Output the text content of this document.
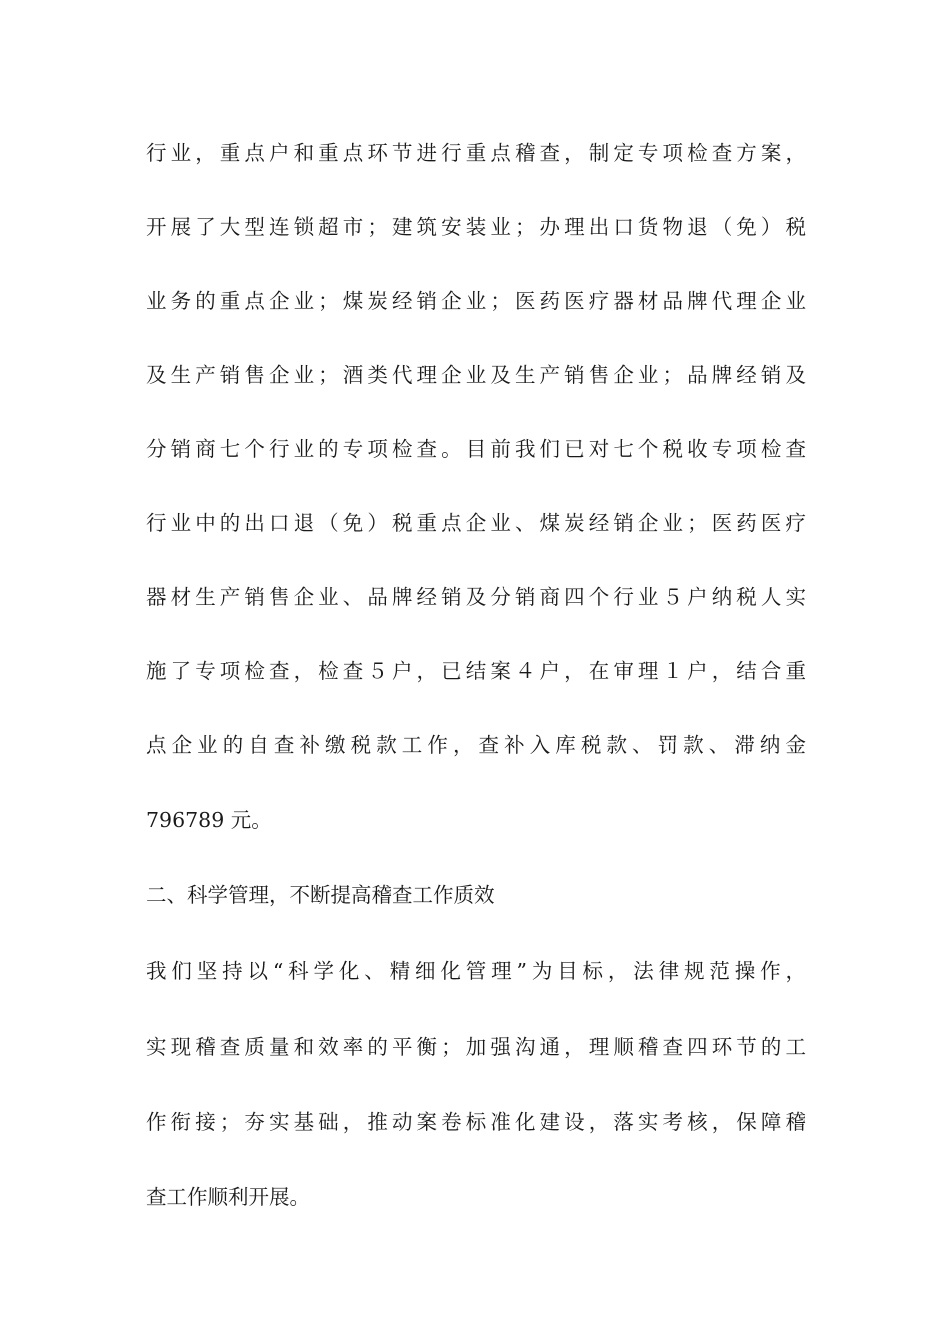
行业，重点户和重点环节进行重点稽查，制定专项检查方案，

开展了大型连锁超市；建筑安装业；办理出口货物退（免）税

业务的重点企业；煤炭经销企业；医药医疗器材品牌代理企业

及生产销售企业；酒类代理企业及生产销售企业；品牌经销及

分销商七个行业的专项检查。目前我们已对七个税收专项检查

行业中的出口退（免）税重点企业、煤炭经销企业；医药医疗

器材生产销售企业、品牌经销及分销商四个行业５户纳税人实

施了专项检查，检查５户，已结案４户，在审理１户，结合重

点企业的自查补缴税款工作，查补入库税款、罚款、滞纳金

796789 元。

二、科学管理，不断提高稽查工作质效

我们坚持以“科学化、精细化管理”为目标，法律规范操作，

实现稽查质量和效率的平衡；加强沟通，理顺稽查四环节的工

作衔接；夯实基础，推动案卷标准化建设，落实考核，保障稽

查工作顺利开展。
